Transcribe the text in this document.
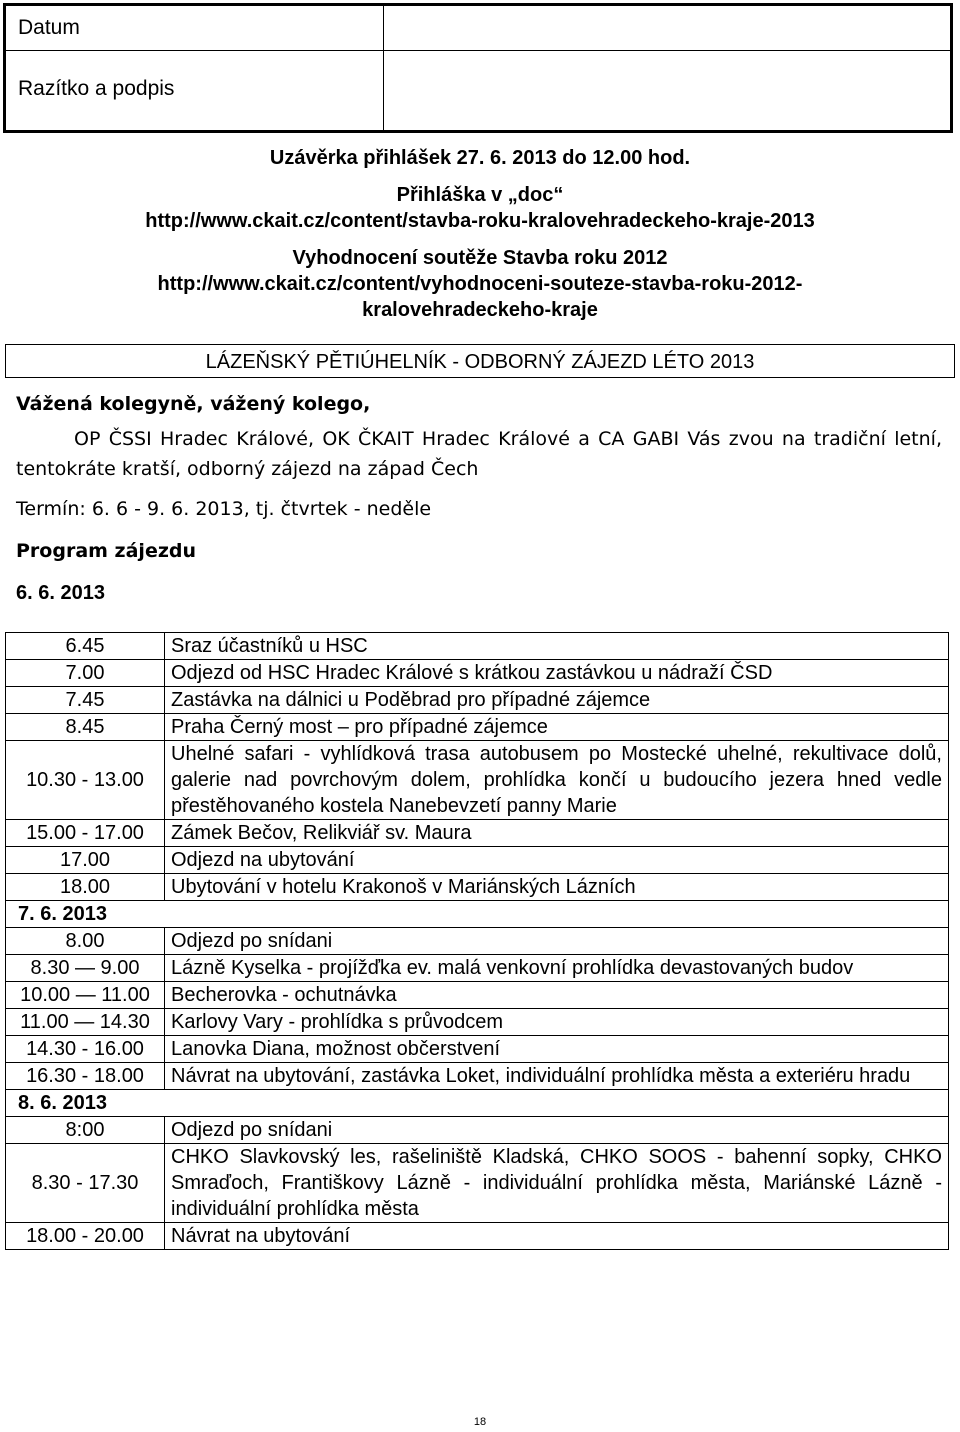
Datum
Razítko a podpis
Uzávěrka přihlášek 27. 6. 2013 do 12.00 hod.
Přihláška v „doc“
http://www.ckait.cz/content/stavba-roku-kralovehradeckeho-kraje-2013
Vyhodnocení soutěže Stavba roku 2012
http://www.ckait.cz/content/vyhodnoceni-souteze-stavba-roku-2012-
kralovehradeckeho-kraje
LÁZEŇSKÝ PĚTIÚHELNÍK - ODBORNÝ ZÁJEZD LÉTO 2013
Vážená kolegyně, vážený kolego,
OP ČSSI Hradec Králové, OK ČKAIT Hradec Králové a CA GABI Vás zvou na tradiční letní, tentokráte kratší, odborný zájezd na západ Čech
Termín: 6. 6 - 9. 6. 2013, tj. čtvrtek - neděle
Program zájezdu
6. 6. 2013
6.45	Sraz účastníků u HSC
7.00	Odjezd od HSC Hradec Králové s krátkou zastávkou u nádraží ČSD
7.45	Zastávka na dálnici u Poděbrad pro případné zájemce
8.45	Praha Černý most – pro případné zájemce
10.30 - 13.00	Uhelné safari - vyhlídková trasa autobusem po Mostecké uhelné, rekultivace dolů, galerie nad povrchovým dolem, prohlídka končí u budoucího jezera hned vedle přestěhovaného kostela Nanebevzetí panny Marie
15.00 - 17.00	Zámek Bečov, Relikviář sv. Maura
17.00	Odjezd na ubytování
18.00	Ubytování v hotelu Krakonoš v Mariánských Lázních
7. 6. 2013	
8.00	Odjezd po snídani
8.30 — 9.00	Lázně Kyselka - projížďka ev. malá venkovní prohlídka devastovaných budov
10.00 — 11.00	Becherovka - ochutnávka
11.00 — 14.30	Karlovy Vary - prohlídka s průvodcem
14.30 - 16.00	Lanovka Diana, možnost občerstvení
16.30 - 18.00	Návrat na ubytování, zastávka Loket, individuální prohlídka města a exteriéru hradu
8. 6. 2013	
8:00	Odjezd po snídani
8.30 - 17.30	CHKO Slavkovský les, rašeliniště Kladská, CHKO SOOS - bahenní sopky, CHKO Smraďoch, Františkovy Lázně - individuální prohlídka města, Mariánské Lázně - individuální prohlídka města
18.00 - 20.00	Návrat na ubytování
18
